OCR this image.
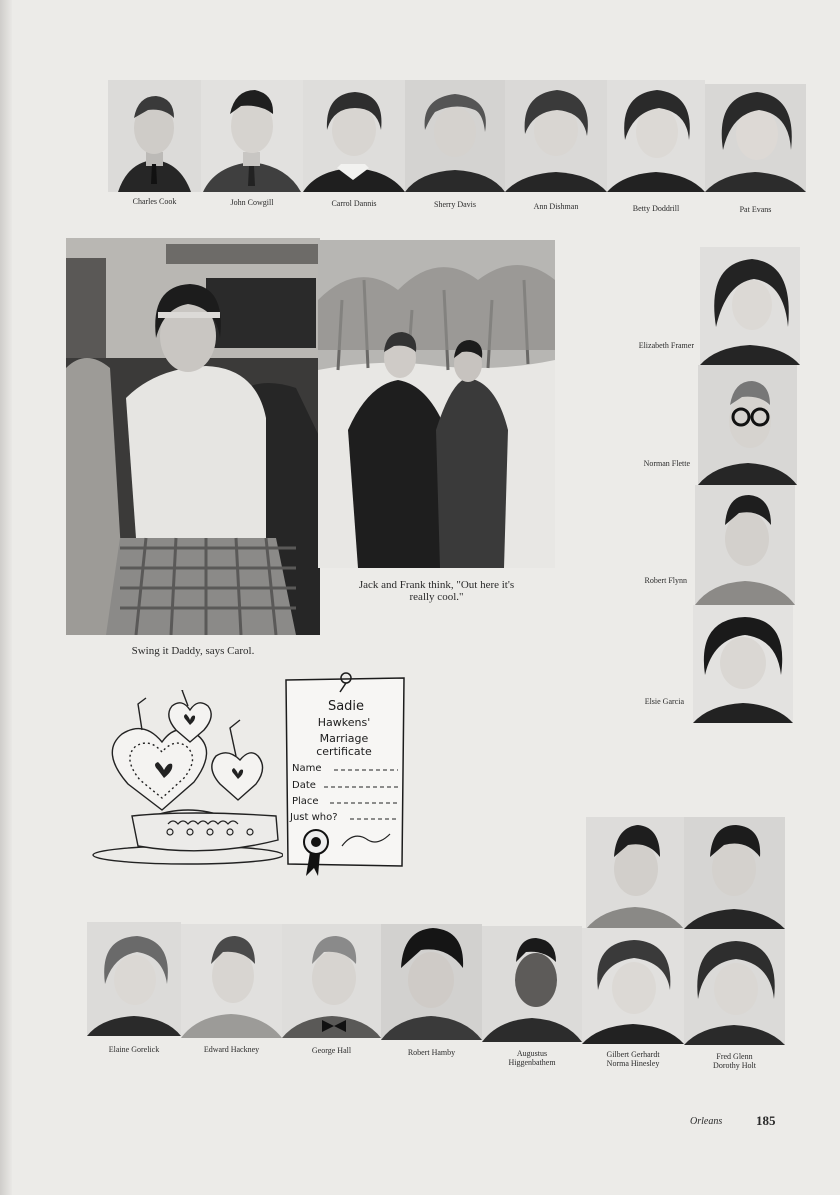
Charles Cook	John Cowgill	Carrol Dannis	Sherry Davis	Ann Dishman	Betty Doddrill	Pat Evans
Swing it Daddy, says Carol.
Jack and Frank think, "Out here it's
really cool."
Elizabeth Framer
Norman Flette
Robert Flynn
Elsie Garcia
Sadie
Hawkens'
Marriage
certificate
Name
Date
Place
Just who?
Elaine Gorelick	Edward Hackney	George Hall	Robert Hamby	Augustus
Higgenbathem
Gilbert Gerhardt
Norma Hinesley
Fred Glenn
Dorothy Holt
Orleans	185
